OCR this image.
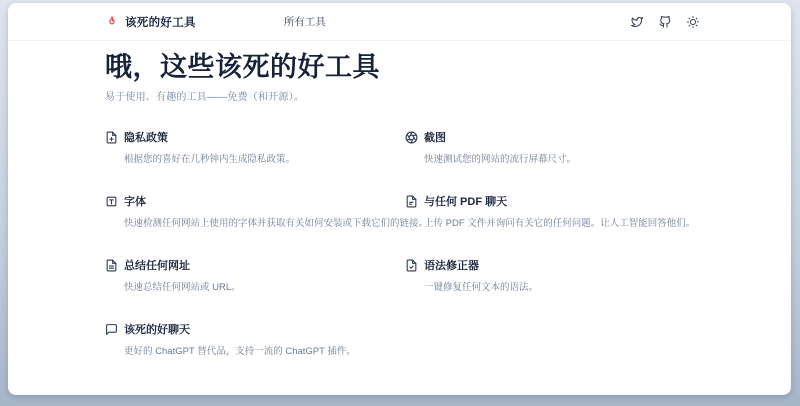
该死的好工具	所有工具
哦，这些该死的好工具

易于使用、有趣的工具——免费（和开源）。

隐私政策
根据您的喜好在几秒钟内生成隐私政策。
字体
快速检测任何网站上使用的字体并获取有关如何安装或下载它们的链接。
总结任何网址
快速总结任何网站或 URL。
该死的好聊天
更好的 ChatGPT 替代品，支持一流的 ChatGPT 插件。
截图
快速测试您的网站的流行屏幕尺寸。
与任何 PDF 聊天
上传 PDF 文件并询问有关它的任何问题。让人工智能回答他们。
语法修正器
一键修复任何文本的语法。
